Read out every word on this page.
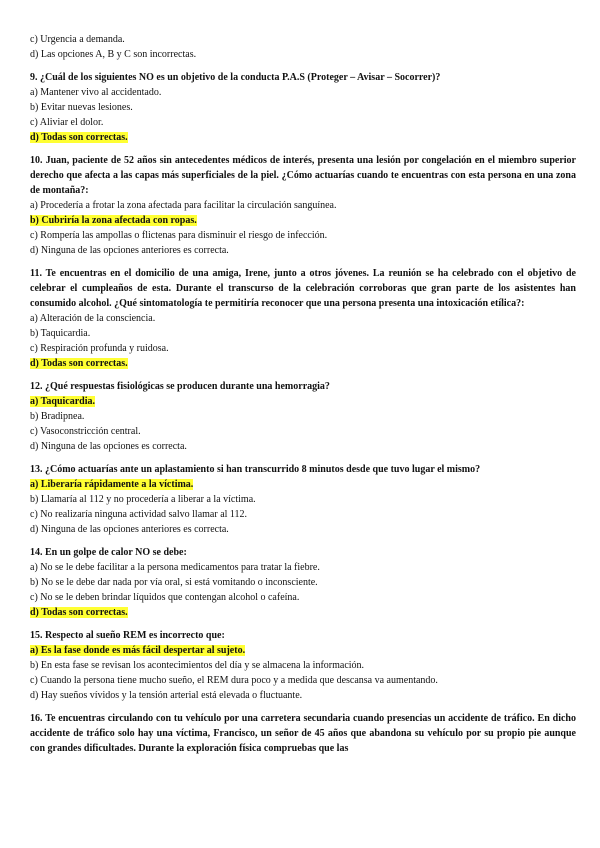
c) Urgencia a demanda.
d) Las opciones A, B y C son incorrectas.

9. ¿Cuál de los siguientes NO es un objetivo de la conducta P.A.S (Proteger – Avisar – Socorrer)?

a) Mantener vivo al accidentado.
b) Evitar nuevas lesiones.
c) Aliviar el dolor.
d) Todas son correctas.

10. Juan, paciente de 52 años sin antecedentes médicos de interés, presenta una lesión por congelación en el miembro superior derecho que afecta a las capas más superficiales de la piel. ¿Cómo actuarías cuando te encuentras con esta persona en una zona de montaña?:

a) Procedería a frotar la zona afectada para facilitar la circulación sanguínea.
b) Cubriría la zona afectada con ropas.
c) Rompería las ampollas o flictenas para disminuir el riesgo de infección.
d) Ninguna de las opciones anteriores es correcta.

11. Te encuentras en el domicilio de una amiga, Irene, junto a otros jóvenes. La reunión se ha celebrado con el objetivo de celebrar el cumpleaños de esta. Durante el transcurso de la celebración corroboras que gran parte de los asistentes han consumido alcohol. ¿Qué sintomatología te permitiría reconocer que una persona presenta una intoxicación etílica?:

a) Alteración de la consciencia.
b) Taquicardia.
c) Respiración profunda y ruidosa.
d) Todas son correctas.

12. ¿Qué respuestas fisiológicas se producen durante una hemorragia?

a) Taquicardia.
b) Bradipnea.
c) Vasoconstricción central.
d) Ninguna de las opciones es correcta.

13. ¿Cómo actuarías ante un aplastamiento si han transcurrido 8 minutos desde que tuvo lugar el mismo?

a) Liberaría rápidamente a la víctima.
b) Llamaría al 112 y no procedería a liberar a la víctima.
c) No realizaría ninguna actividad salvo llamar al 112.
d) Ninguna de las opciones anteriores es correcta.

14. En un golpe de calor NO se debe:

a) No se le debe facilitar a la persona medicamentos para tratar la fiebre.
b) No se le debe dar nada por vía oral, si está vomitando o inconsciente.
c) No se le deben brindar líquidos que contengan alcohol o cafeína.
d) Todas son correctas.

15. Respecto al sueño REM es incorrecto que:

a) Es la fase donde es más fácil despertar al sujeto.
b) En esta fase se revisan los acontecimientos del día y se almacena la información.
c) Cuando la persona tiene mucho sueño, el REM dura poco y a medida que descansa va aumentando.
d) Hay sueños vívidos y la tensión arterial está elevada o fluctuante.

16. Te encuentras circulando con tu vehículo por una carretera secundaria cuando presencias un accidente de tráfico. En dicho accidente de tráfico solo hay una víctima, Francisco, un señor de 45 años que abandona su vehículo por su propio pie aunque con grandes dificultades. Durante la exploración física compruebas que las
